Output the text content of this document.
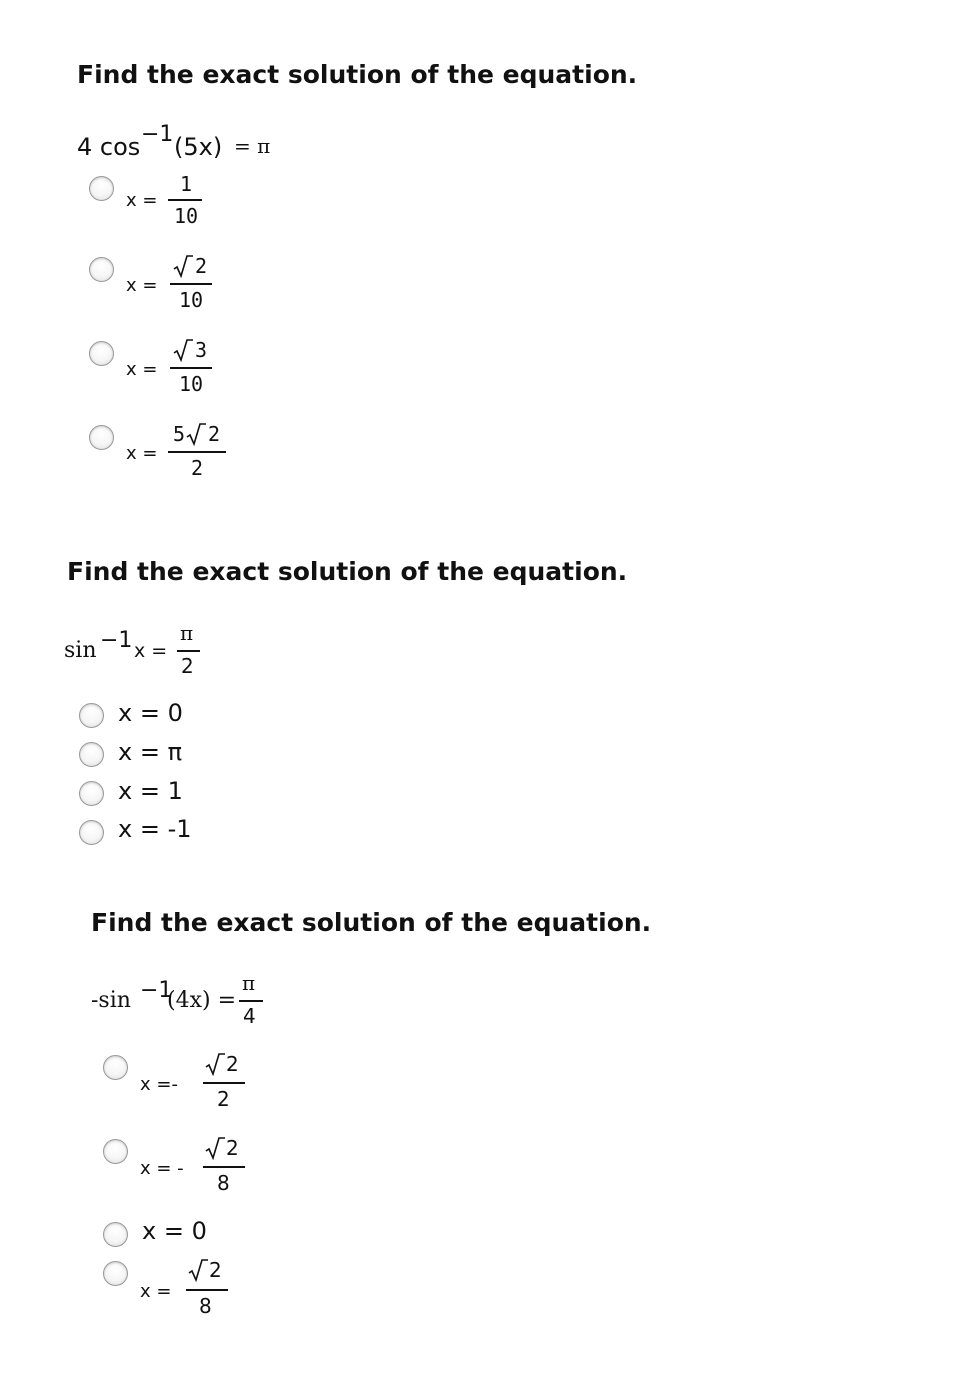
Find the exact solution of the equation.
4 cos −1 (5x) = π
x =
1
10
x =
2
10
x =
3
10
x =
5 2
2
Find the exact solution of the equation.
sin −1 x =
π
2
x = 0
x = π
x = 1
x = -1
Find the exact solution of the equation.
-sin −1
(4x) =
π
4
x =-
2
2
x = -
2
8
x = 0
x =
2
8
